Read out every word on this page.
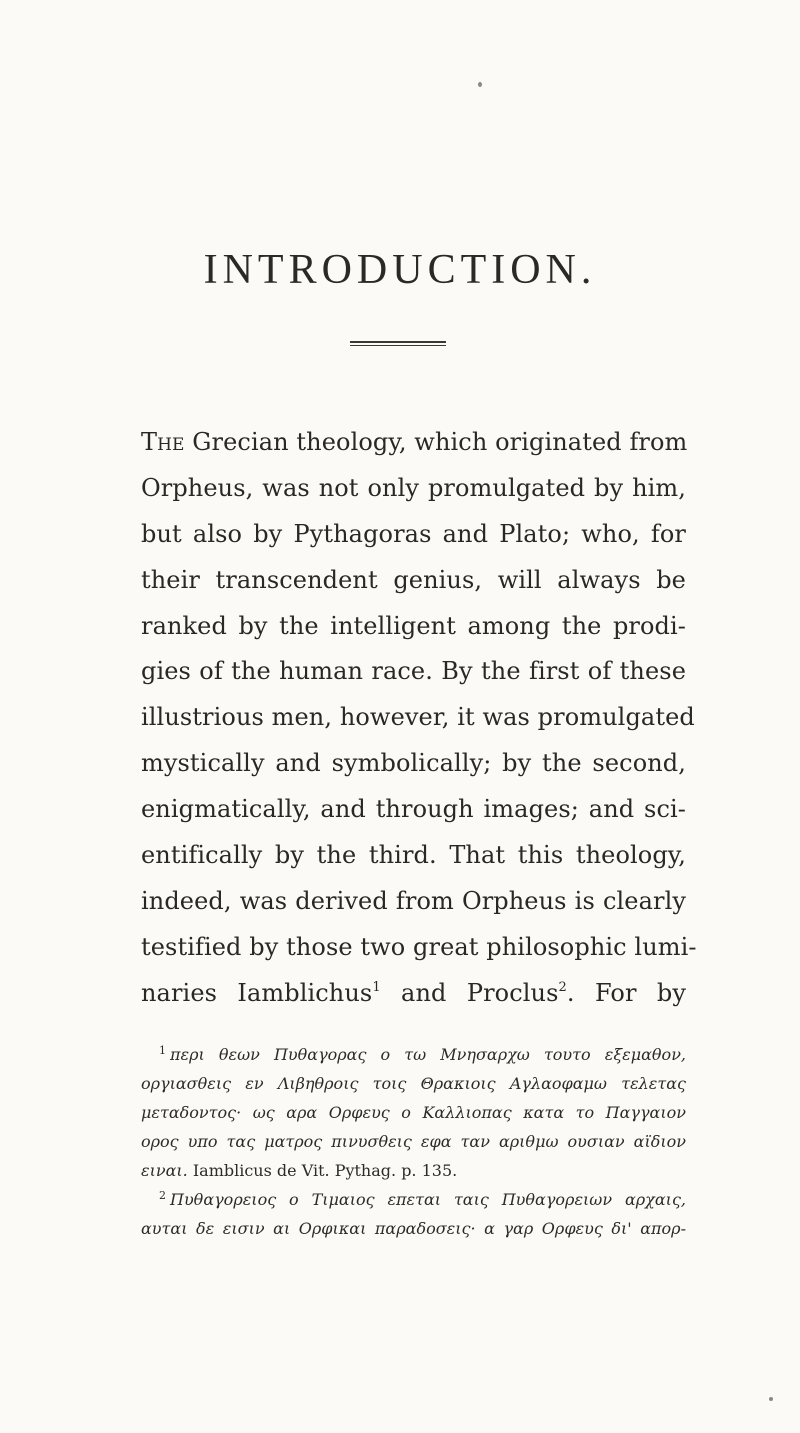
INTRODUCTION.
The Grecian theology, which originated from
Orpheus, was not only promulgated by him,
but also by Pythagoras and Plato; who, for
their transcendent genius, will always be
ranked by the intelligent among the prodi-
gies of the human race. By the first of these
illustrious men, however, it was promulgated
mystically and symbolically; by the second,
enigmatically, and through images; and sci-
entifically by the third. That this theology,
indeed, was derived from Orpheus is clearly
testified by those two great philosophic lumi-
naries Iamblichus$^1$ and Proclus$^2$. For by
$^1$ περι θεων Πυθαγορας ο τω Μνησαρχω τουτο εξεμαθον,
οργιασθεις εν Λιβηθροις τοις Θρακιοις Αγλαοφαμω τελετας
μεταδοντος· ως αρα Ορφευς ο Καλλιοπας κατα το Παγγαιον
ορος υπο τας ματρος πινυσθεις εφα ταν αριθμω ουσιαν αϊδιον
ειναι. Iamblicus de Vit. Pythag. p. 135.
$^2$ Πυθαγορειος ο Τιμαιος επεται ταις Πυθαγορειων αρχαις,
αυται δε εισιν αι Ορφικαι παραδοσεις· α γαρ Ορφευς δι' απορ-
